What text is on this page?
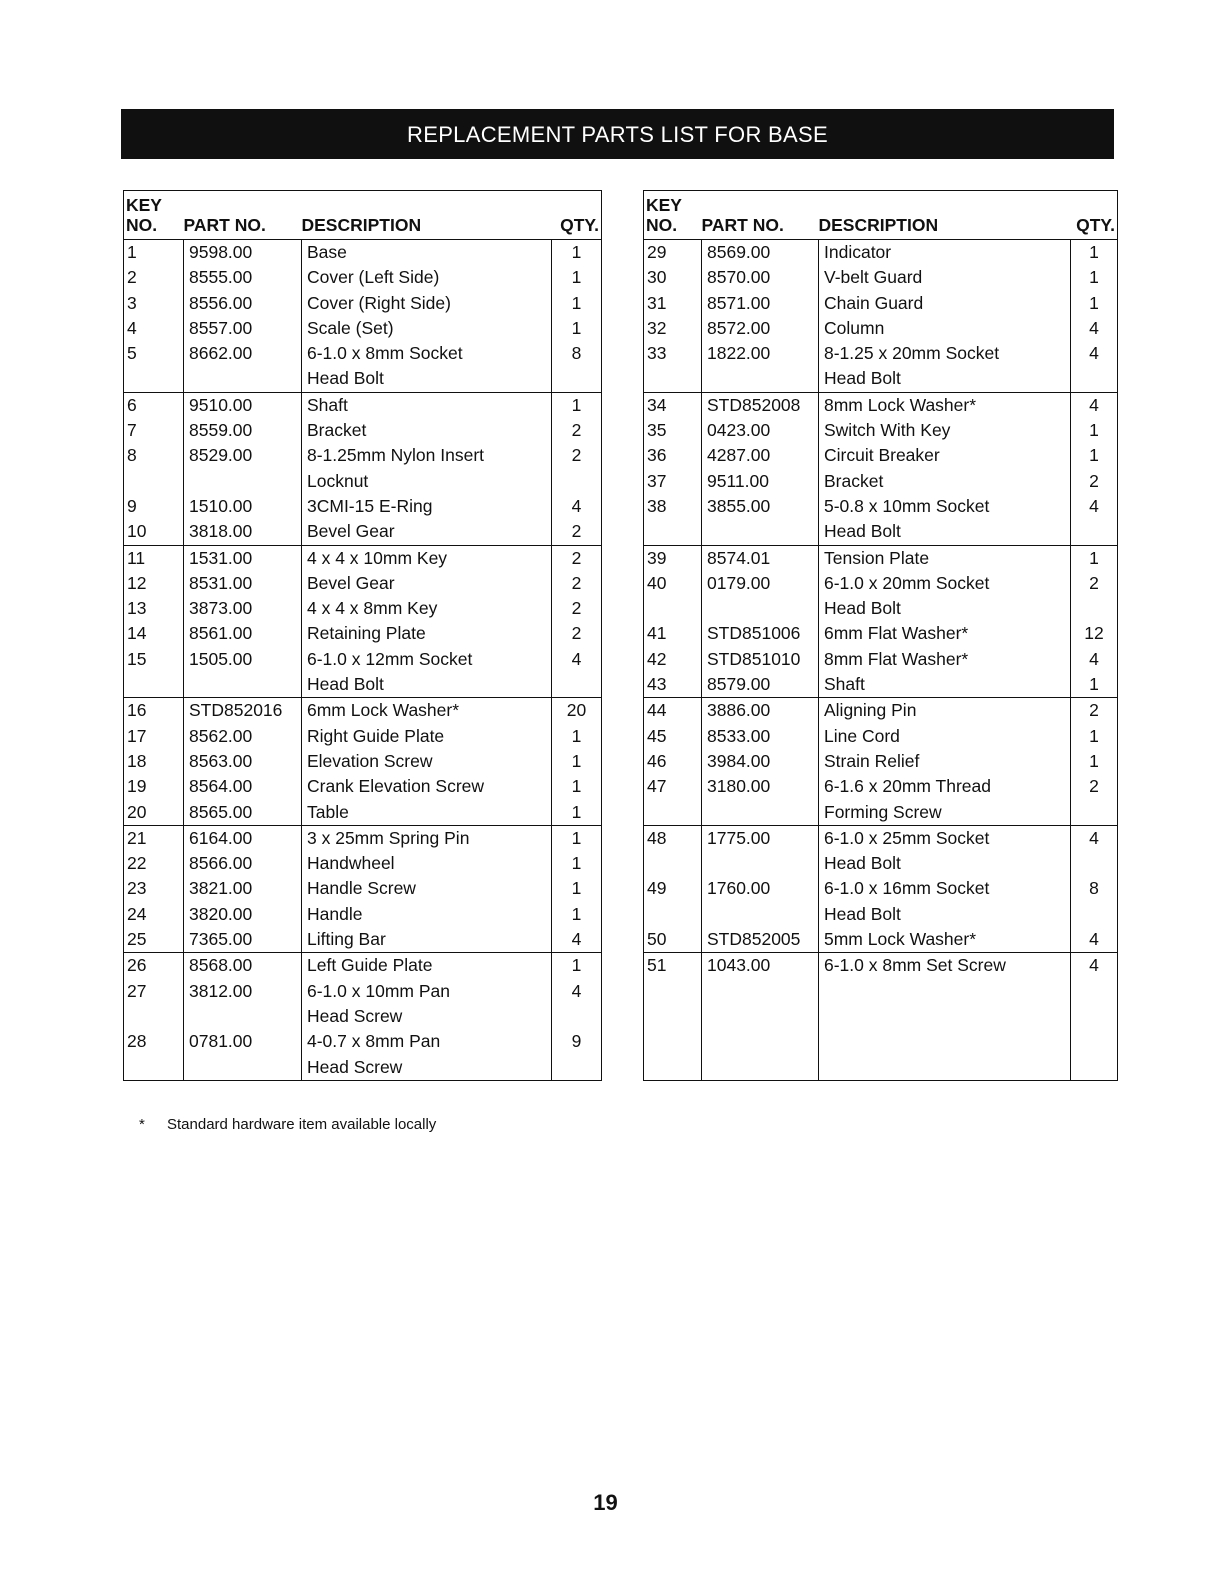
REPLACEMENT PARTS LIST FOR BASE
KEY
NO.	PART NO.	DESCRIPTION	QTY.
1	9598.00	Base	1
2	8555.00	Cover (Left Side)	1
3	8556.00	Cover (Right Side)	1
4	8557.00	Scale (Set)	1
5	8662.00	6-1.0 x 8mm Socket	8
		Head Bolt	
6	9510.00	Shaft	1
7	8559.00	Bracket	2
8	8529.00	8-1.25mm Nylon Insert	2
		Locknut	
9	1510.00	3CMI-15 E-Ring	4
10	3818.00	Bevel Gear	2
11	1531.00	4 x 4 x 10mm Key	2
12	8531.00	Bevel Gear	2
13	3873.00	4 x 4 x 8mm Key	2
14	8561.00	Retaining Plate	2
15	1505.00	6-1.0 x 12mm Socket	4
		Head Bolt	
16	STD852016	6mm Lock Washer*	20
17	8562.00	Right Guide Plate	1
18	8563.00	Elevation Screw	1
19	8564.00	Crank Elevation Screw	1
20	8565.00	Table	1
21	6164.00	3 x 25mm Spring Pin	1
22	8566.00	Handwheel	1
23	3821.00	Handle Screw	1
24	3820.00	Handle	1
25	7365.00	Lifting Bar	4
26	8568.00	Left Guide Plate	1
27	3812.00	6-1.0 x 10mm Pan	4
		Head Screw	
28	0781.00	4-0.7 x 8mm Pan	9
		Head Screw	
KEY
NO.	PART NO.	DESCRIPTION	QTY.
29	8569.00	Indicator	1
30	8570.00	V-belt Guard	1
31	8571.00	Chain Guard	1
32	8572.00	Column	4
33	1822.00	8-1.25 x 20mm Socket	4
		Head Bolt	
34	STD852008	8mm Lock Washer*	4
35	0423.00	Switch With Key	1
36	4287.00	Circuit Breaker	1
37	9511.00	Bracket	2
38	3855.00	5-0.8 x 10mm Socket	4
		Head Bolt	
39	8574.01	Tension Plate	1
40	0179.00	6-1.0 x 20mm Socket	2
		Head Bolt	
41	STD851006	6mm Flat Washer*	12
42	STD851010	8mm Flat Washer*	4
43	8579.00	Shaft	1
44	3886.00	Aligning Pin	2
45	8533.00	Line Cord	1
46	3984.00	Strain Relief	1
47	3180.00	6-1.6 x 20mm Thread	2
		Forming Screw	
48	1775.00	6-1.0 x 25mm Socket	4
		Head Bolt	
49	1760.00	6-1.0 x 16mm Socket	8
		Head Bolt	
50	STD852005	5mm Lock Washer*	4
51	1043.00	6-1.0 x 8mm Set Screw	4

* Standard hardware item available locally
19
